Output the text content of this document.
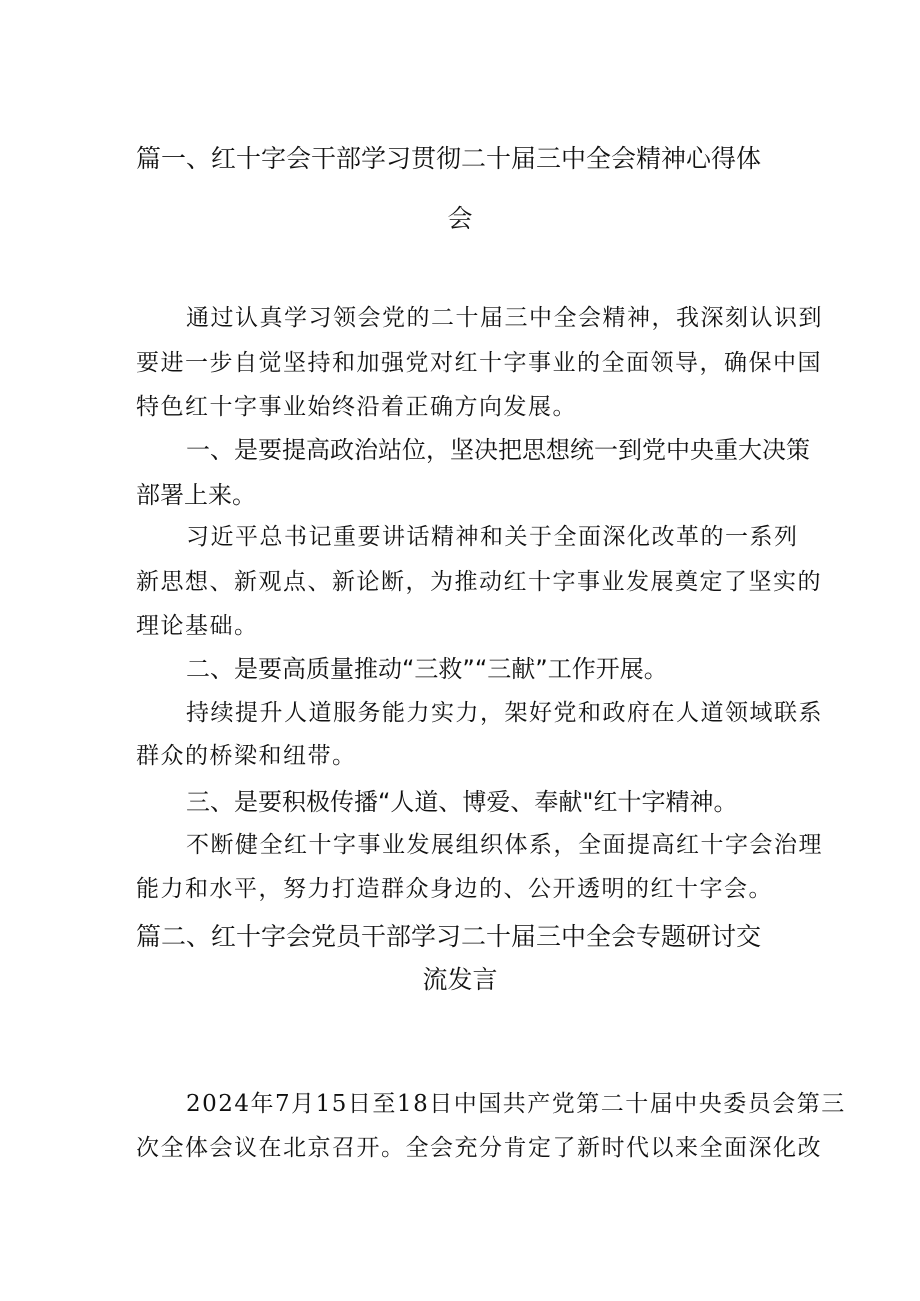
篇一、红十字会干部学习贯彻二十届三中全会精神心得体
会
通过认真学习领会党的二十届三中全会精神，我深刻认识到
要进一步自觉坚持和加强党对红十字事业的全面领导，确保中国
特色红十字事业始终沿着正确方向发展。
一、是要提高政治站位，坚决把思想统一到党中央重大决策
部署上来。
习近平总书记重要讲话精神和关于全面深化改革的一系列
新思想、新观点、新论断，为推动红十字事业发展奠定了坚实的
理论基础。
二、是要高质量推动“三救”“三献”工作开展。
持续提升人道服务能力实力，架好党和政府在人道领域联系
群众的桥梁和纽带。
三、是要积极传播“人道、博爱、奉献"红十字精神。
不断健全红十字事业发展组织体系，全面提高红十字会治理
能力和水平，努力打造群众身边的、公开透明的红十字会。
篇二、红十字会党员干部学习二十届三中全会专题研讨交
流发言
2024年7月15日至18日中国共产党第二十届中央委员会第三
次全体会议在北京召开。全会充分肯定了新时代以来全面深化改
